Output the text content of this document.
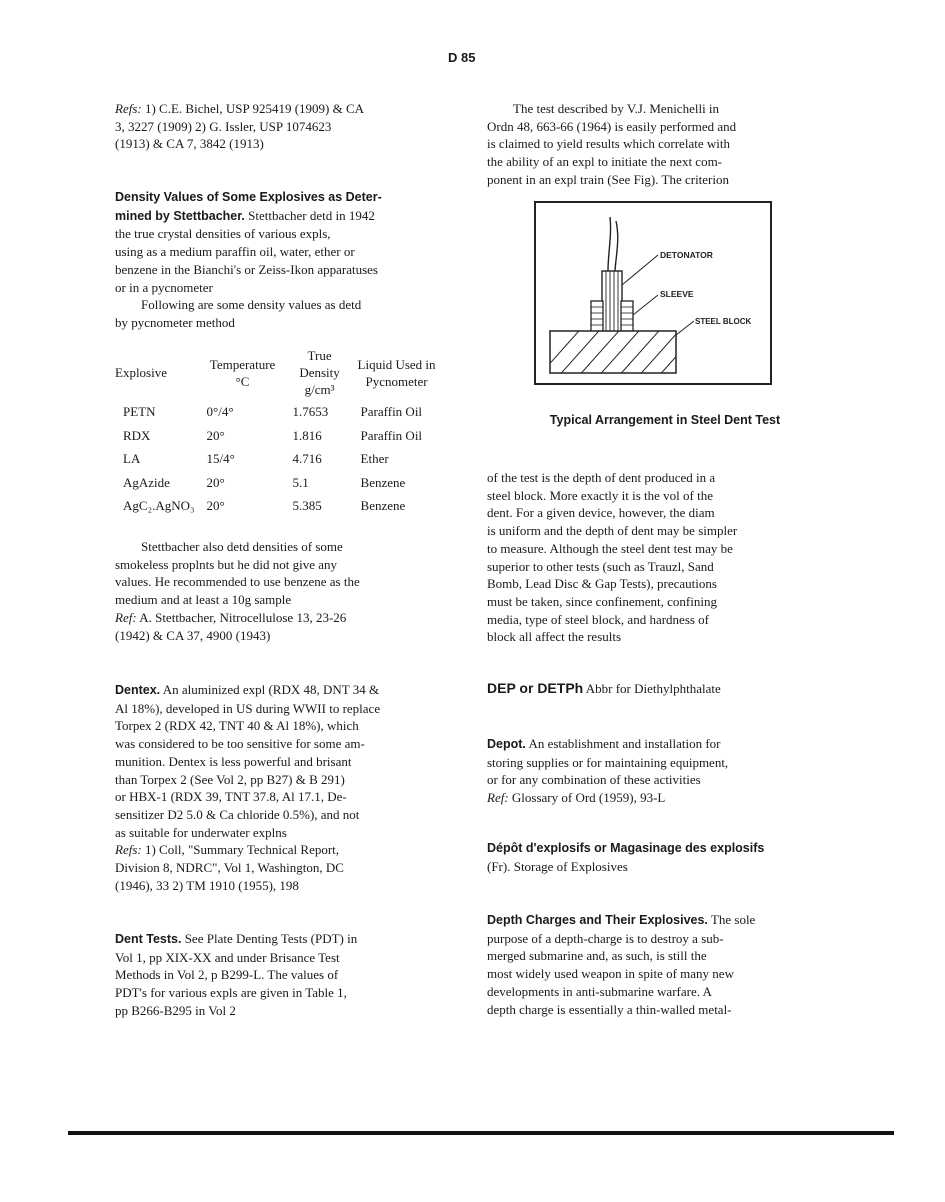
D 85

Refs: 1) C.E. Bichel, USP 925419 (1909) & CA

3, 3227 (1909) 2) G. Issler, USP 1074623

(1913) & CA 7, 3842 (1913)

Density Values of Some Explosives as Deter-

mined by Stettbacher. Stettbacher detd in 1942

the true crystal densities of various expls,

using as a medium paraffin oil, water, ether or

benzene in the Bianchi's or Zeiss-Ikon apparatuses

or in a pycnometer

Following are some density values as detd

by pycnometer method

Explosive	Temperature °C	True Density g/cm³	Liquid Used in Pycnometer
PETN	0°/4°	1.7653	Paraffin Oil
RDX	20°	1.816	Paraffin Oil
LA	15/4°	4.716	Ether
AgAzide	20°	5.1	Benzene
AgC₂.AgNO₃	20°	5.385	Benzene

Stettbacher also detd densities of some

smokeless proplnts but he did not give any

values. He recommended to use benzene as the

medium and at least a 10g sample

Ref: A. Stettbacher, Nitrocellulose 13, 23-26

(1942) & CA 37, 4900 (1943)

Dentex. An aluminized expl (RDX 48, DNT 34 &

Al 18%), developed in US during WWII to replace

Torpex 2 (RDX 42, TNT 40 & Al 18%), which

was considered to be too sensitive for some am-

munition. Dentex is less powerful and brisant

than Torpex 2 (See Vol 2, pp B27) & B 291)

or HBX-1 (RDX 39, TNT 37.8, Al 17.1, De-

sensitizer D2 5.0 & Ca chloride 0.5%), and not

as suitable for underwater explns

Refs: 1) Coll, "Summary Technical Report,

Division 8, NDRC", Vol 1, Washington, DC

(1946), 33 2) TM 1910 (1955), 198

Dent Tests. See Plate Denting Tests (PDT) in

Vol 1, pp XIX-XX and under Brisance Test

Methods in Vol 2, p B299-L. The values of

PDT's for various expls are given in Table 1,

pp B266-B295 in Vol 2

The test described by V.J. Menichelli in

Ordn 48, 663-66 (1964) is easily performed and

is claimed to yield results which correlate with

the ability of an expl to initiate the next com-

ponent in an expl train (See Fig). The criterion

of the test is the depth of dent produced in a

steel block. More exactly it is the vol of the

dent. For a given device, however, the diam

is uniform and the depth of dent may be simpler

to measure. Although the steel dent test may be

superior to other tests (such as Trauzl, Sand

Bomb, Lead Disc & Gap Tests), precautions

must be taken, since confinement, confining

media, type of steel block, and hardness of

block all affect the results

DEP or DETPh Abbr for Diethylphthalate

Depot. An establishment and installation for

storing supplies or for maintaining equipment,

or for any combination of these activities

Ref: Glossary of Ord (1959), 93-L

Dépôt d'explosifs or Magasinage des explosifs

(Fr). Storage of Explosives

Depth Charges and Their Explosives. The sole

purpose of a depth-charge is to destroy a sub-

merged submarine and, as such, is still the

most widely used weapon in spite of many new

developments in anti-submarine warfare. A

depth charge is essentially a thin-walled metal-

DETONATOR
SLEEVE
STEEL BLOCK
Typical Arrangement in Steel Dent Test
